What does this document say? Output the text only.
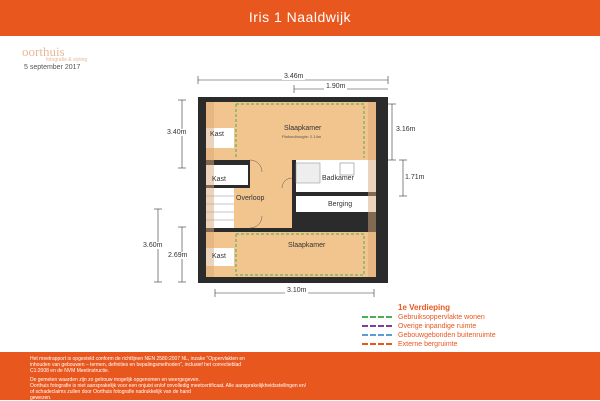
Iris 1 Naaldwijk
oorthuis
fotografie & styling
5 september 2017
3.46m
1.90m
3.40m	3.16m
1.71m
3.60m
2.69m
3.10m
Slaapkamer
Plafondhoogte: 2.14m
Kast
Badkamer
Kast
Overloop
Berging
Slaapkamer
Kast
1e Verdieping
Gebruiksoppervlakte wonen
Overige inpandige ruimte
Gebouwgebonden buitenruimte
Externe bergruimte

Het meetrapport is opgesteld conform de richtlijnen NEN 2580:2007 NL, inzake "Oppervlakten en

inhouden van gebouwen – termen, definities en bepalingsmethoden", inclusief het correctieblad

C1:2008 en de NVM Meetinstructie.

De gemeten waarden zijn zo getrouw mogelijk opgenomen en weergegeven.

Oorthuis fotografie is niet aansprakelijk voor een onjuist en/of onvolledig meetcertificaat. Alle aansprakelijkheidsstellingen en/

of schadeclaims zullen door Oorthuis fotografie nadrukkelijk van de hand

gewezen.
